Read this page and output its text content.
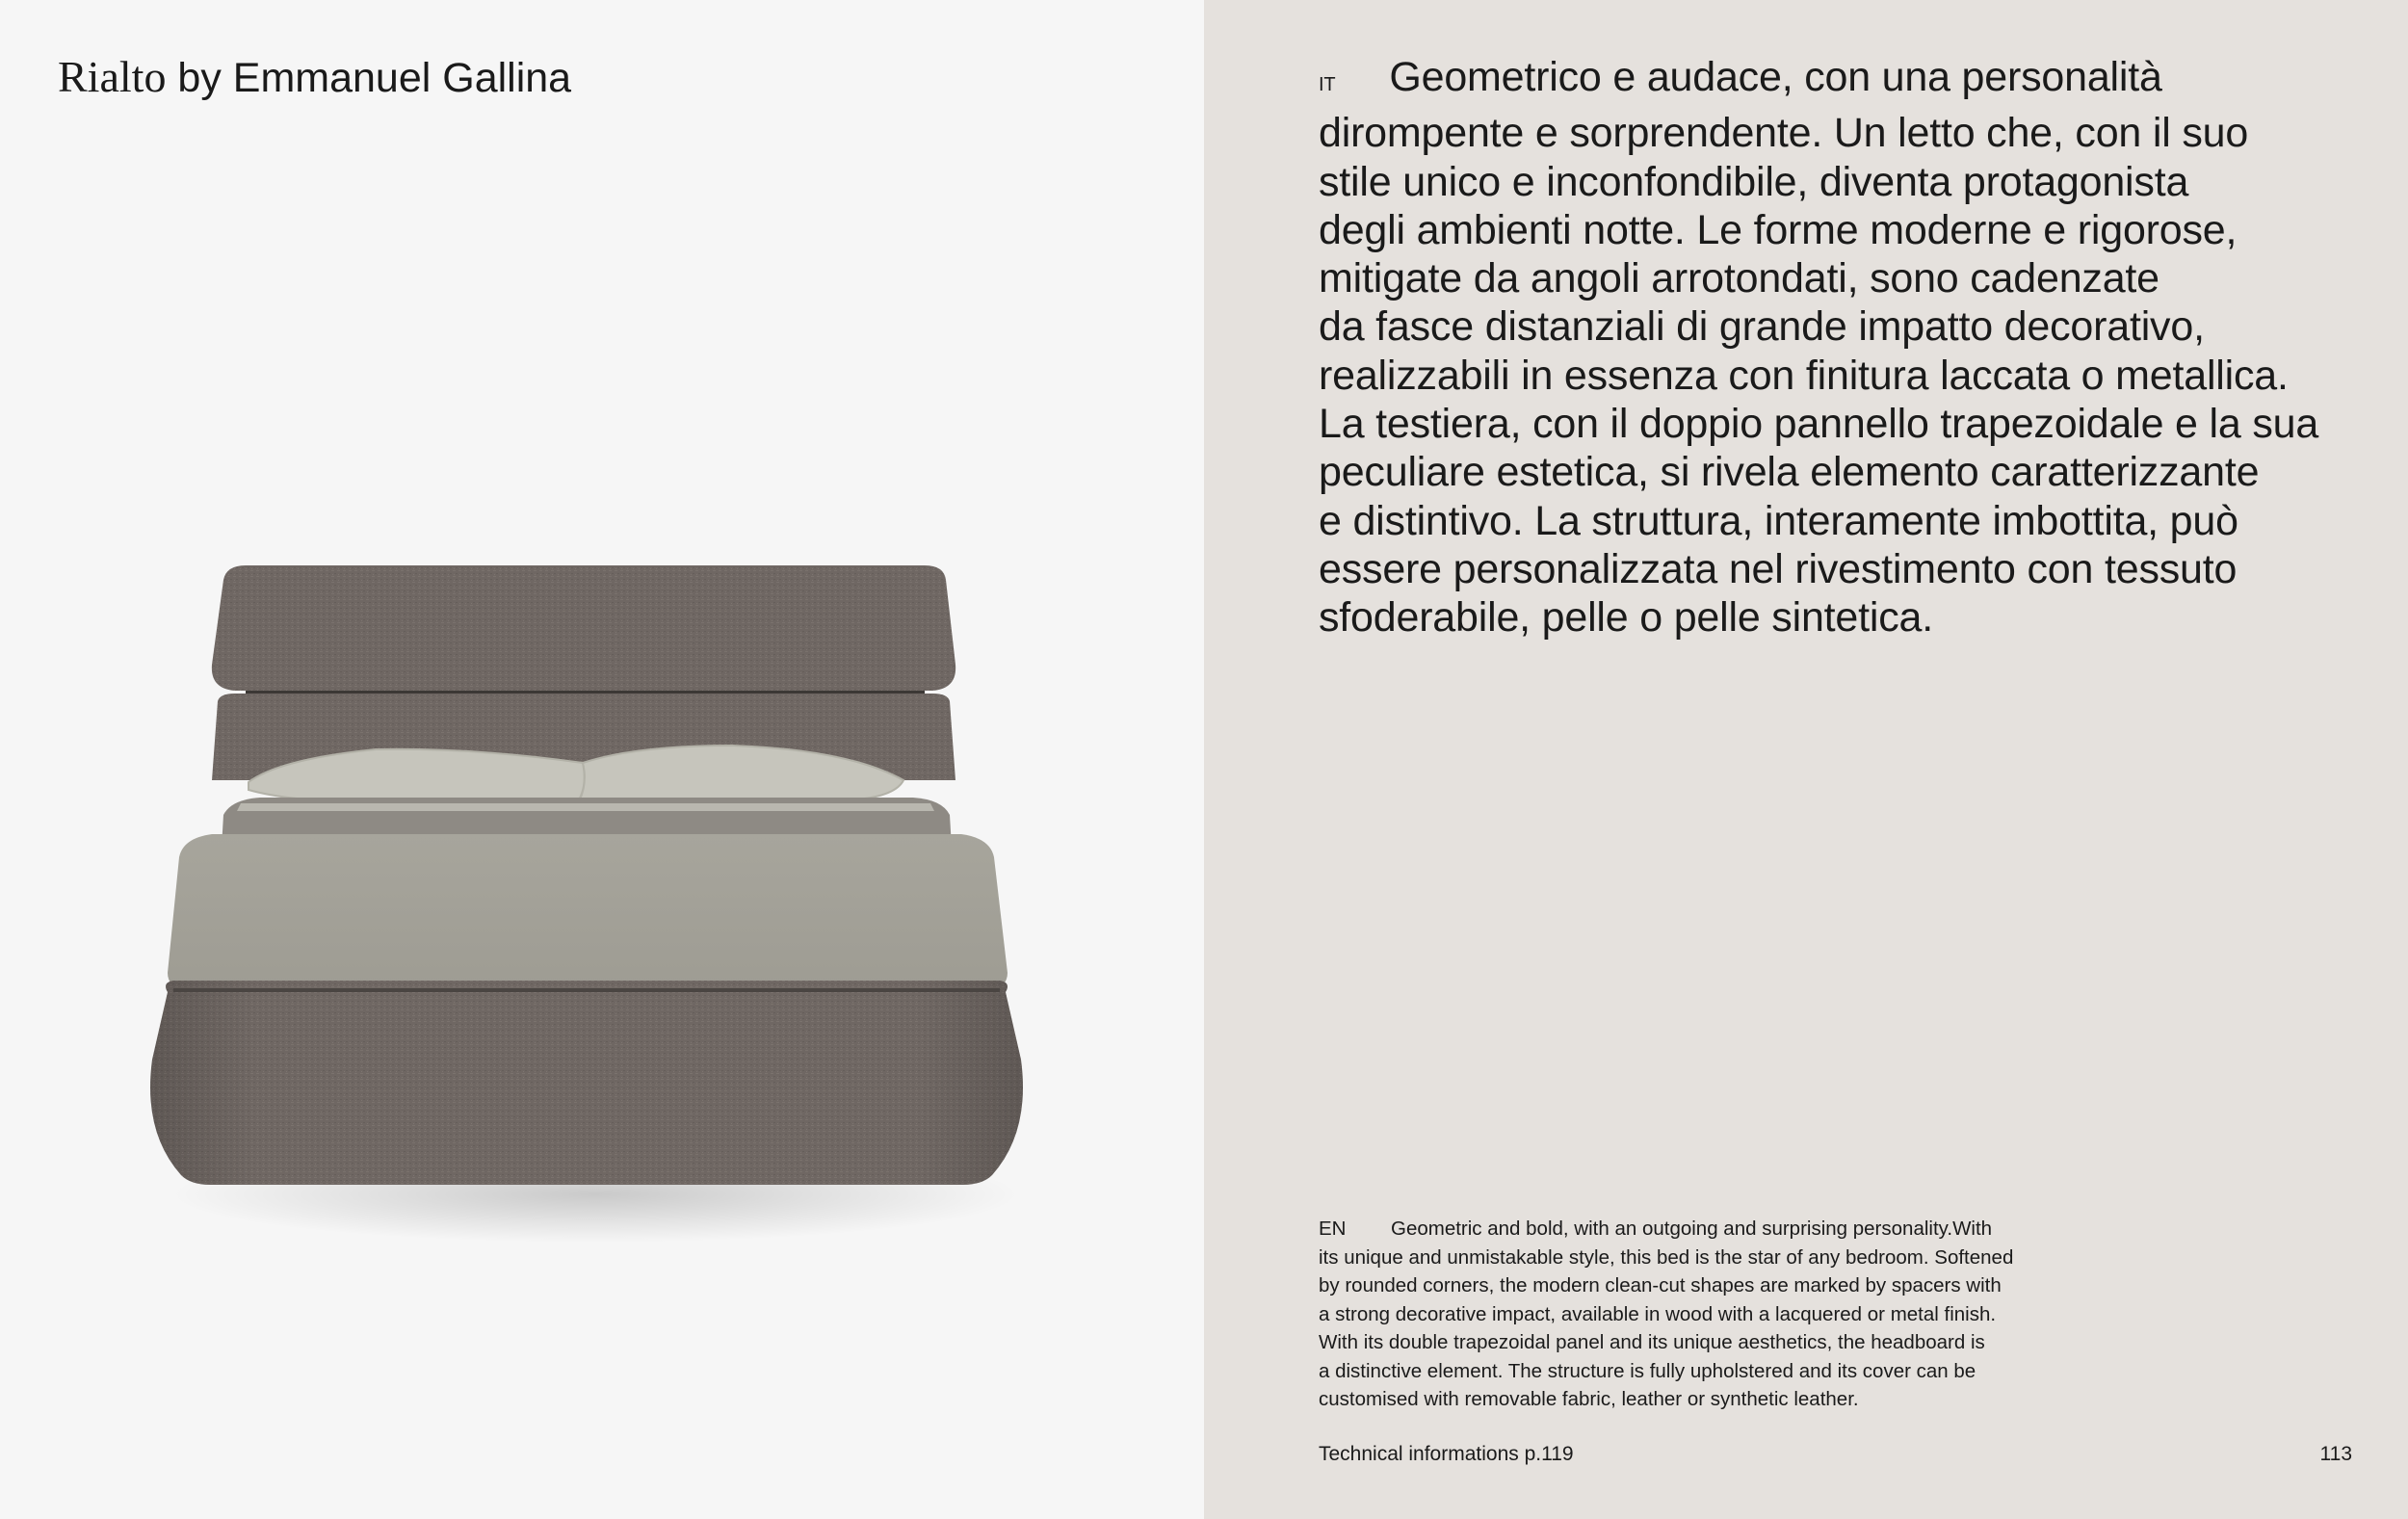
Rialto by Emmanuel Gallina	IT Geometrico e audace, con una personalità

dirompente e sorprendente. Un letto che, con il suo

stile unico e inconfondibile, diventa protagonista

degli ambienti notte. Le forme moderne e rigorose,

mitigate da angoli arrotondati, sono cadenzate

da fasce distanziali di grande impatto decorativo,

realizzabili in essenza con finitura laccata o metallica.

La testiera, con il doppio pannello trapezoidale e la sua

peculiare estetica, si rivela elemento caratterizzante

e distintivo. La struttura, interamente imbottita, può

essere personalizzata nel rivestimento con tessuto

sfoderabile, pelle o pelle sintetica.

EN Geometric and bold, with an outgoing and surprising personality.With

its unique and unmistakable style, this bed is the star of any bedroom. Softened

by rounded corners, the modern clean-cut shapes are marked by spacers with

a strong decorative impact, available in wood with a lacquered or metal finish.

With its double trapezoidal panel and its unique aesthetics, the headboard is

a distinctive element. The structure is fully upholstered and its cover can be

customised with removable fabric, leather or synthetic leather.

Technical informations p.119	113
